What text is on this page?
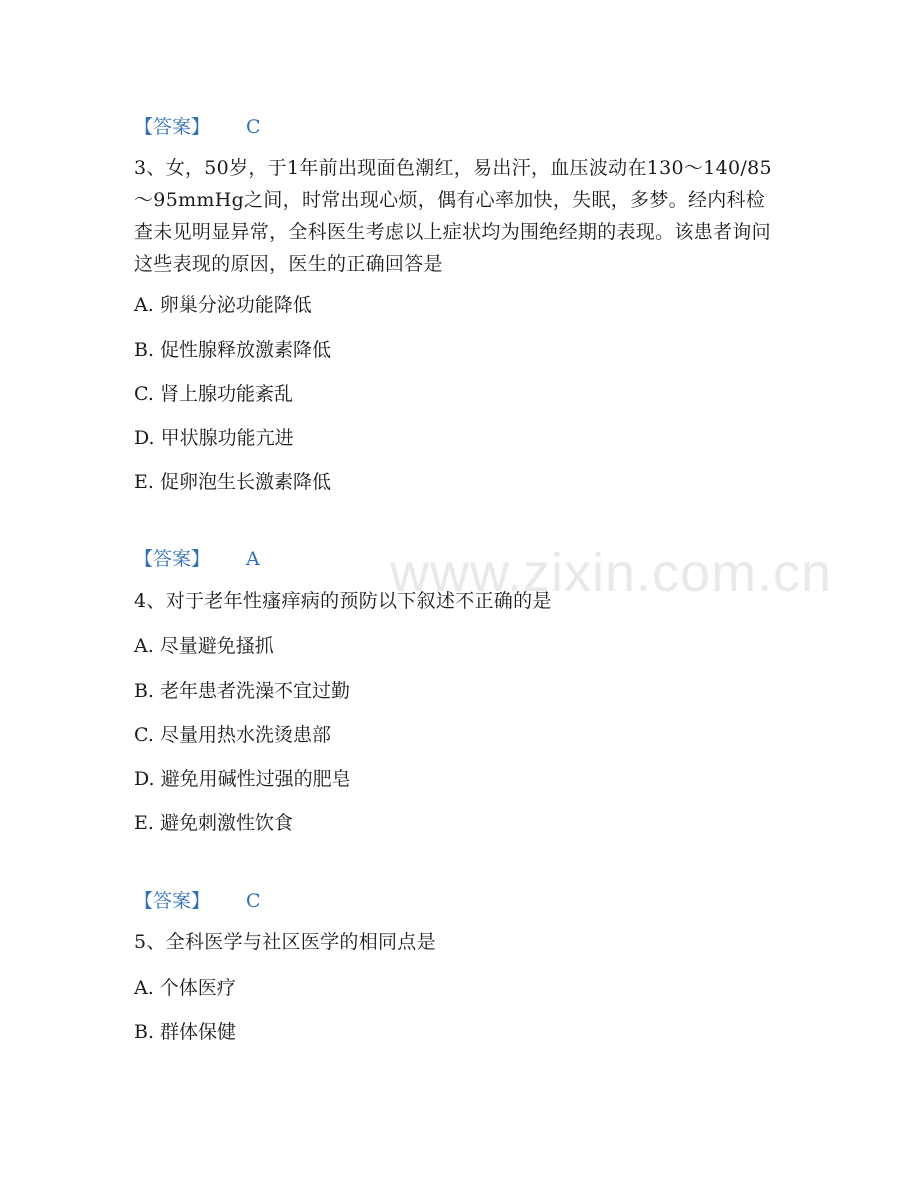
www.zixin.com.cn
【答案】 C

3、女，50岁，于1年前出现面色潮红，易出汗，血压波动在130～140/85～95mmHg之间，时常出现心烦，偶有心率加快，失眠，多梦。经内科检查未见明显异常，全科医生考虑以上症状均为围绝经期的表现。该患者询问这些表现的原因，医生的正确回答是

A. 卵巢分泌功能降低
B. 促性腺释放激素降低
C. 肾上腺功能紊乱
D. 甲状腺功能亢进
E. 促卵泡生长激素降低
【答案】 A

4、对于老年性瘙痒病的预防以下叙述不正确的是

A. 尽量避免搔抓
B. 老年患者洗澡不宜过勤
C. 尽量用热水洗烫患部
D. 避免用碱性过强的肥皂
E. 避免刺激性饮食
【答案】 C

5、全科医学与社区医学的相同点是

A. 个体医疗
B. 群体保健
